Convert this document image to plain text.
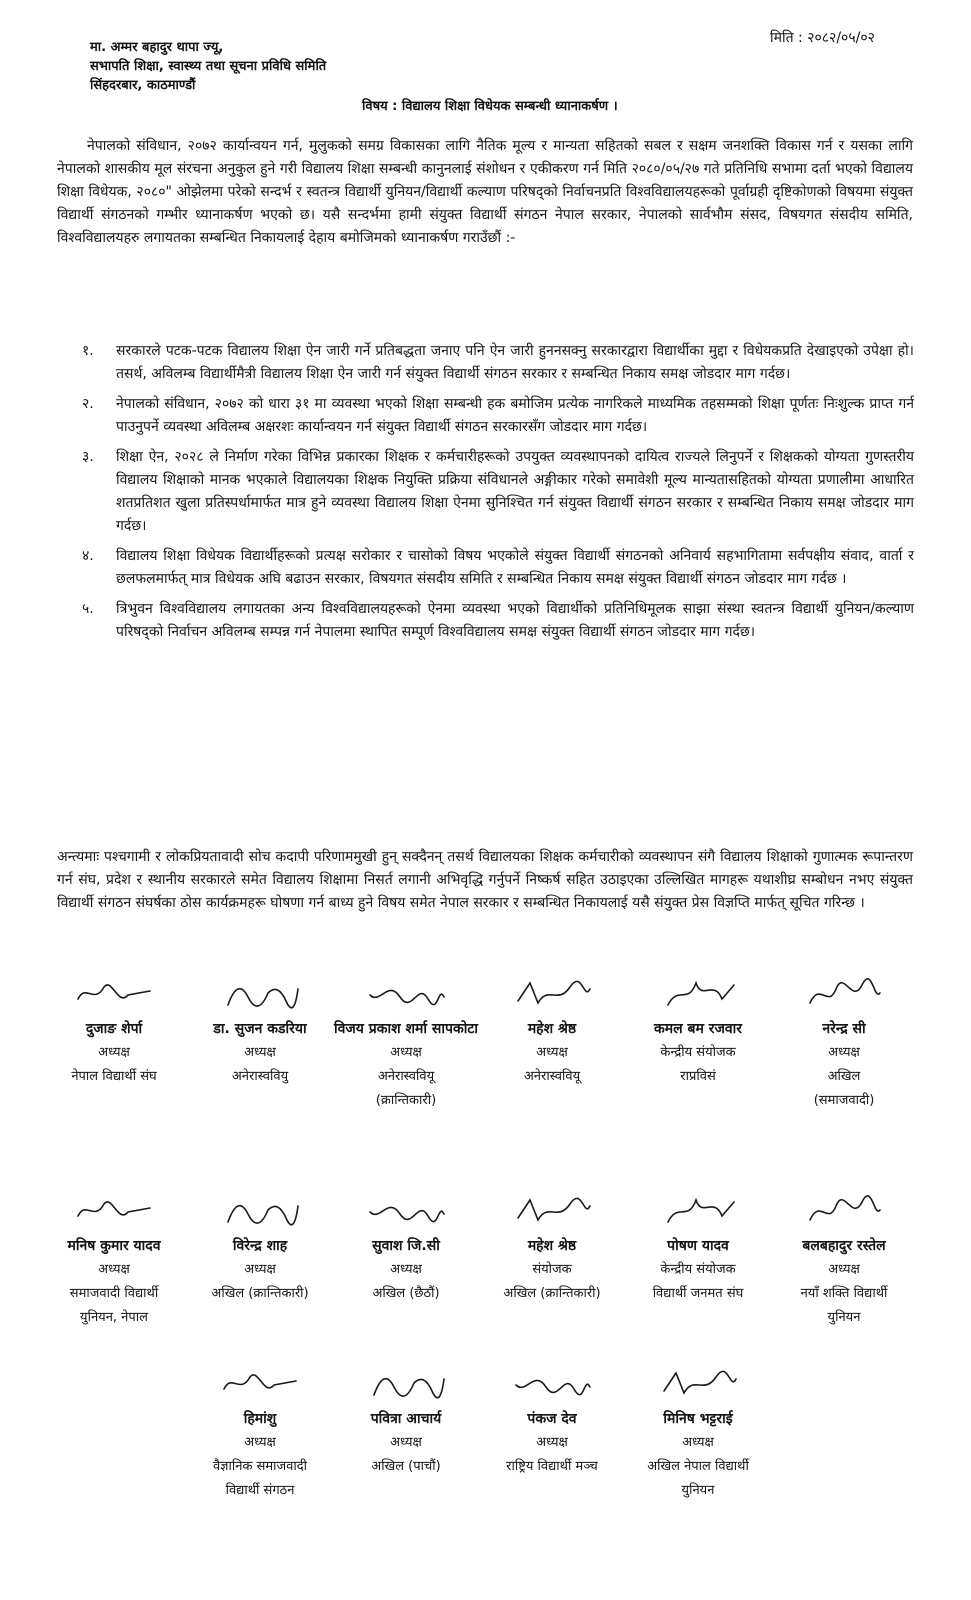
मिति : २०८२/०५/०२
मा. अम्मर बहादुर थापा ज्यू,
सभापति शिक्षा, स्वास्थ्य तथा सूचना प्रविधि समिति
सिंहदरबार, काठमाण्डौं
विषय : विद्यालय शिक्षा विधेयक सम्बन्धी ध्यानाकर्षण ।
नेपालको संविधान, २०७२ कार्यान्वयन गर्न, मुलुकको समग्र विकासका लागि नैतिक मूल्य र मान्यता सहितको सबल र सक्षम जनशक्ति विकास गर्न र यसका लागि नेपालको शासकीय मूल संरचना अनुकुल हुने गरी विद्यालय शिक्षा सम्बन्धी कानुनलाई संशोधन र एकीकरण गर्न मिति २०८०/०५/२७ गते प्रतिनिधि सभामा दर्ता भएको विद्यालय शिक्षा विधेयक, २०८०" ओझेलमा परेको सन्दर्भ र स्वतन्त्र विद्यार्थी युनियन/विद्यार्थी कल्याण परिषद्को निर्वाचनप्रति विश्वविद्यालयहरूको पूर्वाग्रही दृष्टिकोणको विषयमा संयुक्त विद्यार्थी संगठनको गम्भीर ध्यानाकर्षण भएको छ। यसै सन्दर्भमा हामी संयुक्त विद्यार्थी संगठन नेपाल सरकार, नेपालको सार्वभौम संसद, विषयगत संसदीय समिति, विश्वविद्यालयहरु लगायतका सम्बन्धित निकायलाई देहाय बमोजिमको ध्यानाकर्षण गराउँछौं :-
१.	सरकारले पटक-पटक विद्यालय शिक्षा ऐन जारी गर्ने प्रतिबद्धता जनाए पनि ऐन जारी हुननसक्नु सरकारद्वारा विद्यार्थीका मुद्दा र विधेयकप्रति देखाइएको उपेक्षा हो। तसर्थ, अविलम्ब विद्यार्थीमैत्री विद्यालय शिक्षा ऐन जारी गर्न संयुक्त विद्यार्थी संगठन सरकार र सम्बन्धित निकाय समक्ष जोडदार माग गर्दछ।
२.	नेपालको संविधान, २०७२ को धारा ३१ मा व्यवस्था भएको शिक्षा सम्बन्धी हक बमोजिम प्रत्येक नागरिकले माध्यमिक तहसम्मको शिक्षा पूर्णतः निःशुल्क प्राप्त गर्न पाउनुपर्ने व्यवस्था अविलम्ब अक्षरशः कार्यान्वयन गर्न संयुक्त विद्यार्थी संगठन सरकारसँग जोडदार माग गर्दछ।
३.	शिक्षा ऐन, २०२८ ले निर्माण गरेका विभिन्न प्रकारका शिक्षक र कर्मचारीहरूको उपयुक्त व्यवस्थापनको दायित्व राज्यले लिनुपर्ने र शिक्षकको योग्यता गुणस्तरीय विद्यालय शिक्षाको मानक भएकाले विद्यालयका शिक्षक नियुक्ति प्रक्रिया संविधानले अङ्गीकार गरेको समावेशी मूल्य मान्यतासहितको योग्यता प्रणालीमा आधारित शतप्रतिशत खुला प्रतिस्पर्धामार्फत मात्र हुने व्यवस्था विद्यालय शिक्षा ऐनमा सुनिश्चित गर्न संयुक्त विद्यार्थी संगठन सरकार र सम्बन्धित निकाय समक्ष जोडदार माग गर्दछ।
४.	विद्यालय शिक्षा विधेयक विद्यार्थीहरूको प्रत्यक्ष सरोकार र चासोको विषय भएकोले संयुक्त विद्यार्थी संगठनको अनिवार्य सहभागितामा सर्वपक्षीय संवाद, वार्ता र छलफलमार्फत् मात्र विधेयक अघि बढाउन सरकार, विषयगत संसदीय समिति र सम्बन्धित निकाय समक्ष संयुक्त विद्यार्थी संगठन जोडदार माग गर्दछ ।
५.	त्रिभुवन विश्वविद्यालय लगायतका अन्य विश्वविद्यालयहरूको ऐनमा व्यवस्था भएको विद्यार्थीको प्रतिनिधिमूलक साझा संस्था स्वतन्त्र विद्यार्थी युनियन/कल्याण परिषद्को निर्वाचन अविलम्ब सम्पन्न गर्न नेपालमा स्थापित सम्पूर्ण विश्वविद्यालय समक्ष संयुक्त विद्यार्थी संगठन जोडदार माग गर्दछ।
अन्त्यमाः पश्चगामी र लोकप्रियतावादी सोच कदापी परिणाममुखी हुन् सक्दैनन् तसर्थ विद्यालयका शिक्षक कर्मचारीको व्यवस्थापन संगै विद्यालय शिक्षाको गुणात्मक रूपान्तरण गर्न संघ, प्रदेश र स्थानीय सरकारले समेत विद्यालय शिक्षामा निसर्त लगानी अभिवृद्धि गर्नुपर्ने निष्कर्ष सहित उठाइएका उल्लिखित मागहरू यथाशीघ्र सम्बोधन नभए संयुक्त विद्यार्थी संगठन संघर्षका ठोस कार्यक्रमहरू घोषणा गर्न बाध्य हुने विषय समेत नेपाल सरकार र सम्बन्धित निकायलाई यसै संयुक्त प्रेस विज्ञप्ति मार्फत् सूचित गरिन्छ ।
दुजाङ शेर्पा
अध्यक्ष
नेपाल विद्यार्थी संघ
डा. सुजन कडरिया
अध्यक्ष
अनेरास्ववियु
विजय प्रकाश शर्मा सापकोटा
अध्यक्ष
अनेरास्ववियू
(क्रान्तिकारी)
महेश श्रेष्ठ
अध्यक्ष
अनेरास्ववियू
कमल बम रजवार
केन्द्रीय संयोजक
राप्रविसं
नरेन्द्र सी
अध्यक्ष
अखिल
(समाजवादी)
मनिष कुमार यादव
अध्यक्ष
समाजवादी विद्यार्थी
युनियन, नेपाल
विरेन्द्र शाह
अध्यक्ष
अखिल (क्रान्तिकारी)
सुवाश जि.सी
अध्यक्ष
अखिल (छैठौं)
महेश श्रेष्ठ
संयोजक
अखिल (क्रान्तिकारी)
पोषण यादव
केन्द्रीय संयोजक
विद्यार्थी जनमत संघ
बलबहादुर रस्तेल
अध्यक्ष
नयाँ शक्ति विद्यार्थी
युनियन
हिमांशु
अध्यक्ष
वैज्ञानिक समाजवादी
विद्यार्थी संगठन
पवित्रा आचार्य
अध्यक्ष
अखिल (पाचौं)
पंकज देव
अध्यक्ष
राष्ट्रिय विद्यार्थी मञ्च
मिनिष भट्टराई
अध्यक्ष
अखिल नेपाल विद्यार्थी
युनियन
